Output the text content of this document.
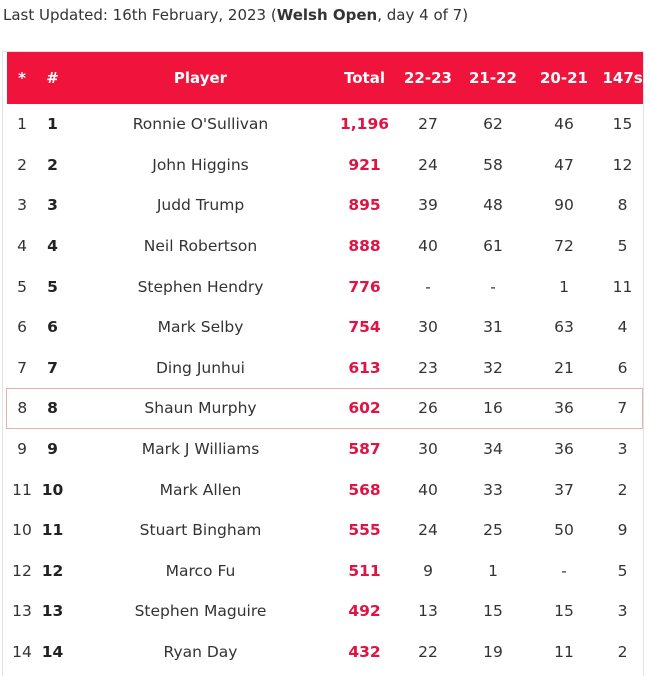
Last Updated: 16th February, 2023 (Welsh Open, day 4 of 7)
*	#	Player	Total	22-23	21-22	20-21	147s
1	1	Ronnie O'Sullivan	1,196	27	62	46	15
2	2	John Higgins	921	24	58	47	12
3	3	Judd Trump	895	39	48	90	8
4	4	Neil Robertson	888	40	61	72	5
5	5	Stephen Hendry	776	-	-	1	11
6	6	Mark Selby	754	30	31	63	4
7	7	Ding Junhui	613	23	32	21	6
8	8	Shaun Murphy	602	26	16	36	7
9	9	Mark J Williams	587	30	34	36	3
11	10	Mark Allen	568	40	33	37	2
10	11	Stuart Bingham	555	24	25	50	9
12	12	Marco Fu	511	9	1	-	5
13	13	Stephen Maguire	492	13	15	15	3
14	14	Ryan Day	432	22	19	11	2
